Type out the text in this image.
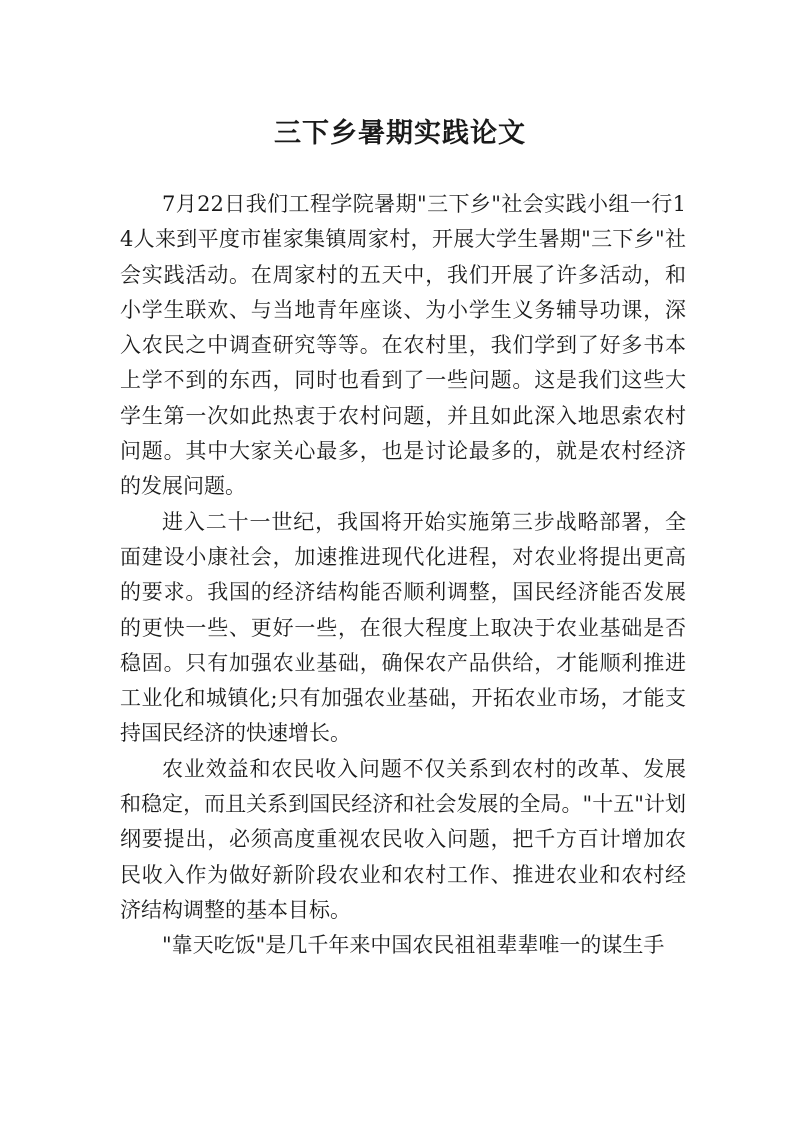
三下乡暑期实践论文

7月22日我们工程学院暑期"三下乡"社会实践小组一行14人来到平度市崔家集镇周家村，开展大学生暑期"三下乡"社会实践活动。在周家村的五天中，我们开展了许多活动，和小学生联欢、与当地青年座谈、为小学生义务辅导功课，深入农民之中调查研究等等。在农村里，我们学到了好多书本上学不到的东西，同时也看到了一些问题。这是我们这些大学生第一次如此热衷于农村问题，并且如此深入地思索农村问题。其中大家关心最多，也是讨论最多的，就是农村经济的发展问题。

进入二十一世纪，我国将开始实施第三步战略部署，全面建设小康社会，加速推进现代化进程，对农业将提出更高的要求。我国的经济结构能否顺利调整，国民经济能否发展的更快一些、更好一些，在很大程度上取决于农业基础是否稳固。只有加强农业基础，确保农产品供给，才能顺利推进工业化和城镇化;只有加强农业基础，开拓农业市场，才能支持国民经济的快速增长。

农业效益和农民收入问题不仅关系到农村的改革、发展和稳定，而且关系到国民经济和社会发展的全局。"十五"计划纲要提出，必须高度重视农民收入问题，把千方百计增加农民收入作为做好新阶段农业和农村工作、推进农业和农村经济结构调整的基本目标。

"靠天吃饭"是几千年来中国农民祖祖辈辈唯一的谋生手
